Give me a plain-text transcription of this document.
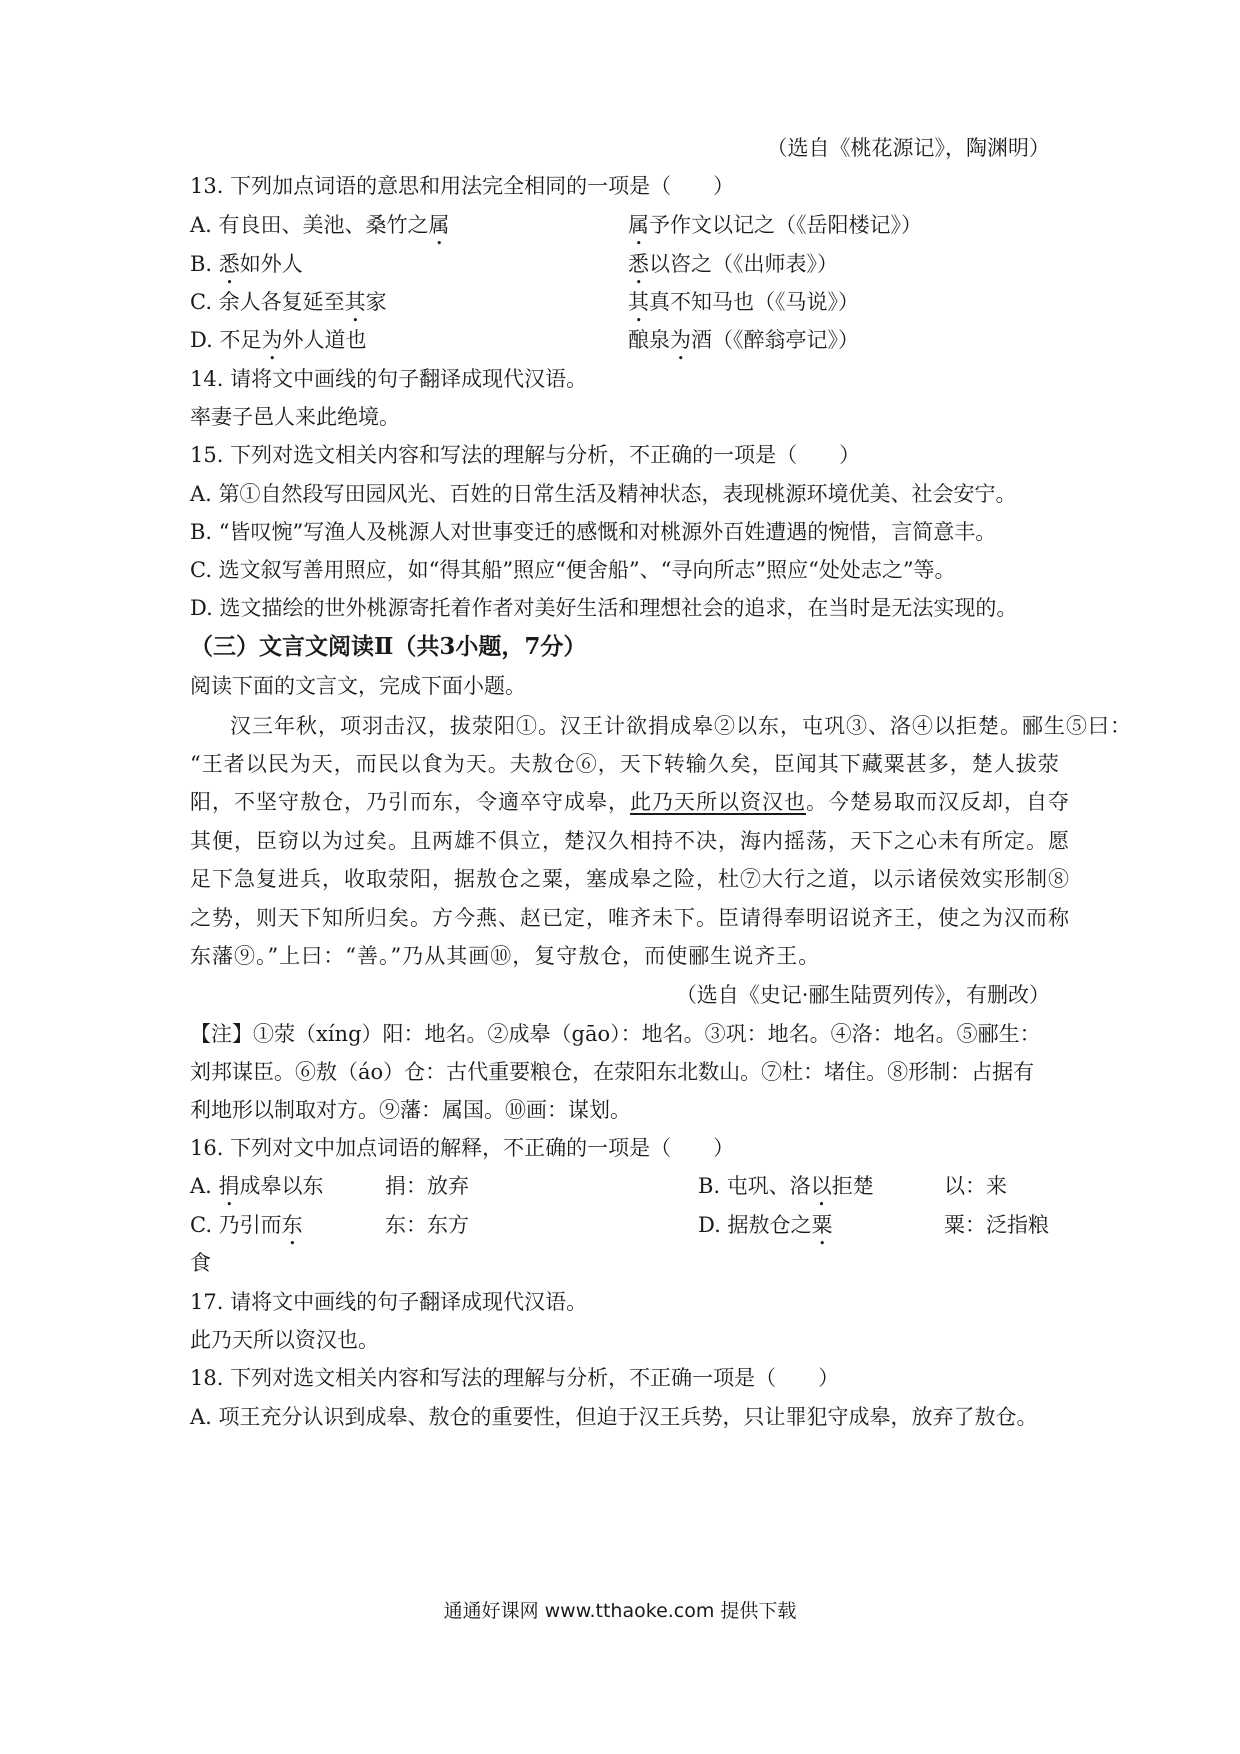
（选自《桃花源记》，陶渊明）
13. 下列加点词语的意思和用法完全相同的一项是（　　）
A. 有良田、美池、桑竹之属	属予作文以记之（《岳阳楼记》）
B. 悉如外人	悉以咨之（《出师表》）
C. 余人各复延至其家	其真不知马也（《马说》）
D. 不足为外人道也	酿泉为酒（《醉翁亭记》）
14. 请将文中画线的句子翻译成现代汉语。
率妻子邑人来此绝境。
15. 下列对选文相关内容和写法的理解与分析，不正确的一项是（　　）
A. 第①自然段写田园风光、百姓的日常生活及精神状态，表现桃源环境优美、社会安宁。
B. “皆叹惋”写渔人及桃源人对世事变迁的感慨和对桃源外百姓遭遇的惋惜，言简意丰。
C. 选文叙写善用照应，如“得其船”照应“便舍船”、“寻向所志”照应“处处志之”等。
D. 选文描绘的世外桃源寄托着作者对美好生活和理想社会的追求，在当时是无法实现的。
（三）文言文阅读Ⅱ（共3小题，7分）
阅读下面的文言文，完成下面小题。
汉三年秋，项羽击汉，拔荥阳①。汉王计欲捐成皋②以东，屯巩③、洛④以拒楚。郦生⑤曰：
“王者以民为天，而民以食为天。夫敖仓⑥，天下转输久矣，臣闻其下藏粟甚多，楚人拔荥
阳，不坚守敖仓，乃引而东，令適卒守成皋，此乃天所以资汉也。今楚易取而汉反却，自夺
其便，臣窃以为过矣。且两雄不俱立，楚汉久相持不决，海内摇荡，天下之心未有所定。愿
足下急复进兵，收取荥阳，据敖仓之粟，塞成皋之险，杜⑦大行之道，以示诸侯效实形制⑧
之势，则天下知所归矣。方今燕、赵已定，唯齐未下。臣请得奉明诏说齐王，使之为汉而称
东藩⑨。”上曰：“善。”乃从其画⑩，复守敖仓，而使郦生说齐王。
（选自《史记·郦生陆贾列传》，有删改）
【注】①荥（xíng）阳：地名。②成皋（gāo）：地名。③巩：地名。④洛：地名。⑤郦生：
刘邦谋臣。⑥敖（áo）仓：古代重要粮仓，在荥阳东北数山。⑦杜：堵住。⑧形制：占据有
利地形以制取对方。⑨藩：属国。⑩画：谋划。
16. 下列对文中加点词语的解释，不正确的一项是（　　）
A. 捐成皋以东	捐：放弃	B. 屯巩、洛以拒楚	以：来
C. 乃引而东	东：东方	D. 据敖仓之粟	粟：泛指粮
食
17. 请将文中画线的句子翻译成现代汉语。
此乃天所以资汉也。
18. 下列对选文相关内容和写法的理解与分析，不正确一项是（　　）
A. 项王充分认识到成皋、敖仓的重要性，但迫于汉王兵势，只让罪犯守成皋，放弃了敖仓。
通通好课网 www.tthaoke.com 提供下载
